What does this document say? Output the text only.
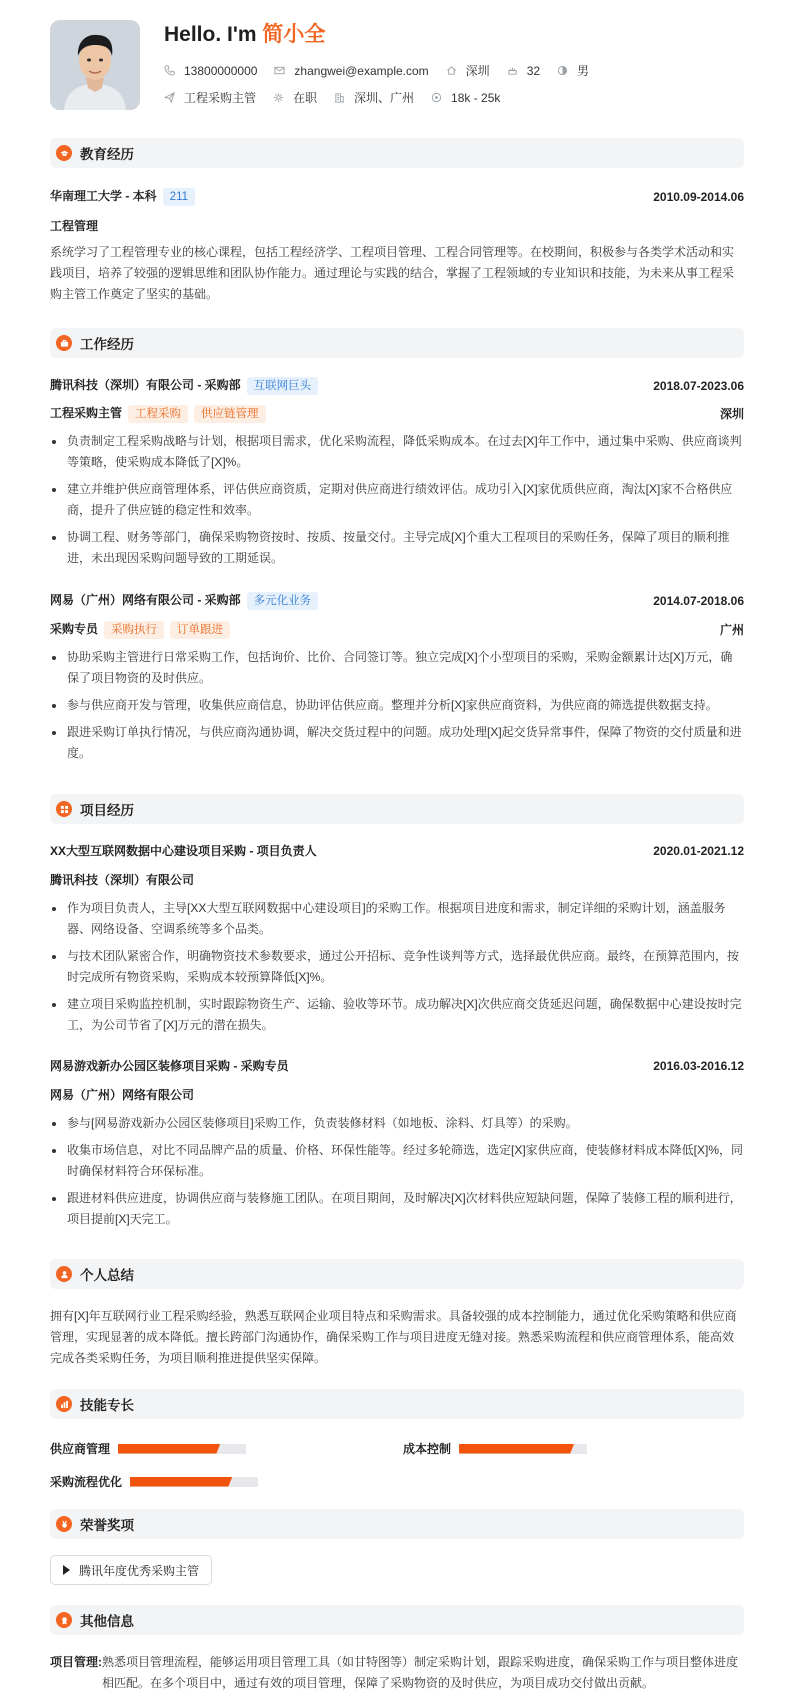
Hello. I'm 简小全
13800000000	zhangwei@example.com	深圳	32	男
工程采购主管	在职	深圳、广州	18k - 25k
教育经历
华南理工大学 - 本科 211	2010.09-2014.06
工程管理
系统学习了工程管理专业的核心课程，包括工程经济学、工程项目管理、工程合同管理等。在校期间，积极参与各类学术活动和实践项目，培养了较强的逻辑思维和团队协作能力。通过理论与实践的结合，掌握了工程领域的专业知识和技能，为未来从事工程采购主管工作奠定了坚实的基础。
工作经历
腾讯科技（深圳）有限公司 - 采购部 互联网巨头	2018.07-2023.06
工程采购主管 工程采购 供应链管理	深圳
负责制定工程采购战略与计划，根据项目需求，优化采购流程，降低采购成本。在过去[X]年工作中，通过集中采购、供应商谈判等策略，使采购成本降低了[X]%。
建立并维护供应商管理体系，评估供应商资质，定期对供应商进行绩效评估。成功引入[X]家优质供应商，淘汰[X]家不合格供应商，提升了供应链的稳定性和效率。
协调工程、财务等部门，确保采购物资按时、按质、按量交付。主导完成[X]个重大工程项目的采购任务，保障了项目的顺利推进，未出现因采购问题导致的工期延误。
网易（广州）网络有限公司 - 采购部 多元化业务	2014.07-2018.06
采购专员 采购执行 订单跟进	广州
协助采购主管进行日常采购工作，包括询价、比价、合同签订等。独立完成[X]个小型项目的采购，采购金额累计达[X]万元，确保了项目物资的及时供应。
参与供应商开发与管理，收集供应商信息，协助评估供应商。整理并分析[X]家供应商资料，为供应商的筛选提供数据支持。
跟进采购订单执行情况，与供应商沟通协调，解决交货过程中的问题。成功处理[X]起交货异常事件，保障了物资的交付质量和进度。
项目经历
XX大型互联网数据中心建设项目采购 - 项目负责人	2020.01-2021.12
腾讯科技（深圳）有限公司
作为项目负责人，主导[XX大型互联网数据中心建设项目]的采购工作。根据项目进度和需求，制定详细的采购计划，涵盖服务器、网络设备、空调系统等多个品类。
与技术团队紧密合作，明确物资技术参数要求，通过公开招标、竞争性谈判等方式，选择最优供应商。最终，在预算范围内，按时完成所有物资采购，采购成本较预算降低[X]%。
建立项目采购监控机制，实时跟踪物资生产、运输、验收等环节。成功解决[X]次供应商交货延迟问题，确保数据中心建设按时完工，为公司节省了[X]万元的潜在损失。
网易游戏新办公园区装修项目采购 - 采购专员	2016.03-2016.12
网易（广州）网络有限公司
参与[网易游戏新办公园区装修项目]采购工作，负责装修材料（如地板、涂料、灯具等）的采购。
收集市场信息，对比不同品牌产品的质量、价格、环保性能等。经过多轮筛选，选定[X]家供应商，使装修材料成本降低[X]%，同时确保材料符合环保标准。
跟进材料供应进度，协调供应商与装修施工团队。在项目期间，及时解决[X]次材料供应短缺问题，保障了装修工程的顺利进行，项目提前[X]天完工。
个人总结
拥有[X]年互联网行业工程采购经验，熟悉互联网企业项目特点和采购需求。具备较强的成本控制能力，通过优化采购策略和供应商管理，实现显著的成本降低。擅长跨部门沟通协作，确保采购工作与项目进度无缝对接。熟悉采购流程和供应商管理体系，能高效完成各类采购任务，为项目顺利推进提供坚实保障。
技能专长
供应商管理	成本控制
采购流程优化
荣誉奖项
腾讯年度优秀采购主管
其他信息
项目管理: 熟悉项目管理流程，能够运用项目管理工具（如甘特图等）制定采购计划，跟踪采购进度，确保采购工作与项目整体进度相匹配。在多个项目中，通过有效的项目管理，保障了采购物资的及时供应，为项目成功交付做出贡献。
